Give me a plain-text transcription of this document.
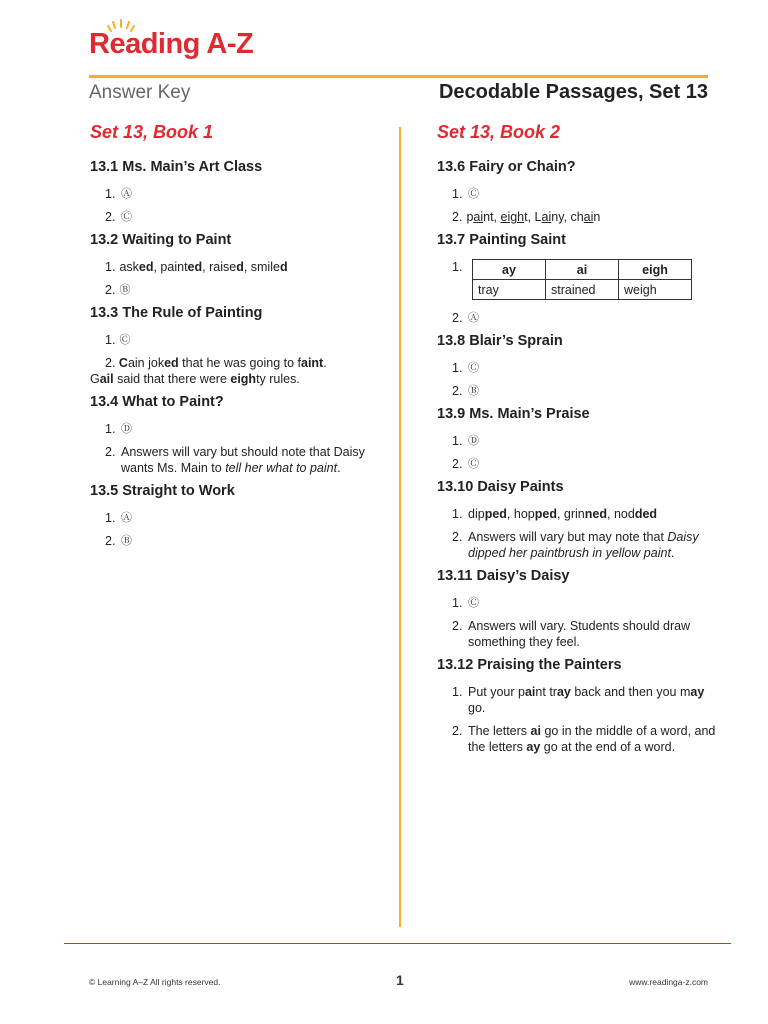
Reading A-Z
Answer Key	Decodable Passages, Set 13
Set 13, Book 1
13.1 Ms. Main’s Art Class
1. Ⓐ
2. Ⓒ
13.2 Waiting to Paint
1. asked, painted, raised, smiled
2. Ⓑ
13.3 The Rule of Painting
1. Ⓒ
2. Cain joked that he was going to faint.
Gail said that there were eighty rules.
13.4 What to Paint?
1. Ⓓ
2. Answers will vary but should note that Daisy wants Ms. Main to tell her what to paint.
13.5 Straight to Work
1. Ⓐ
2. Ⓑ
Set 13, Book 2
13.6 Fairy or Chain?
1. Ⓒ
2. paint, eight, Lainy, chain
13.7 Painting Saint
1.	ay	ai	eigh
tray	strained	weigh
2. Ⓐ
13.8 Blair’s Sprain
1. Ⓒ
2. Ⓑ
13.9 Ms. Main’s Praise
1. Ⓓ
2. Ⓒ
13.10 Daisy Paints
1. dipped, hopped, grinned, nodded
2. Answers will vary but may note that Daisy dipped her paintbrush in yellow paint.
13.11 Daisy’s Daisy
1. Ⓒ
2. Answers will vary. Students should draw something they feel.
13.12 Praising the Painters
1. Put your paint tray back and then you may go.
2. The letters ai go in the middle of a word, and the letters ay go at the end of a word.
© Learning A–Z All rights reserved.	1	www.readinga-z.com
